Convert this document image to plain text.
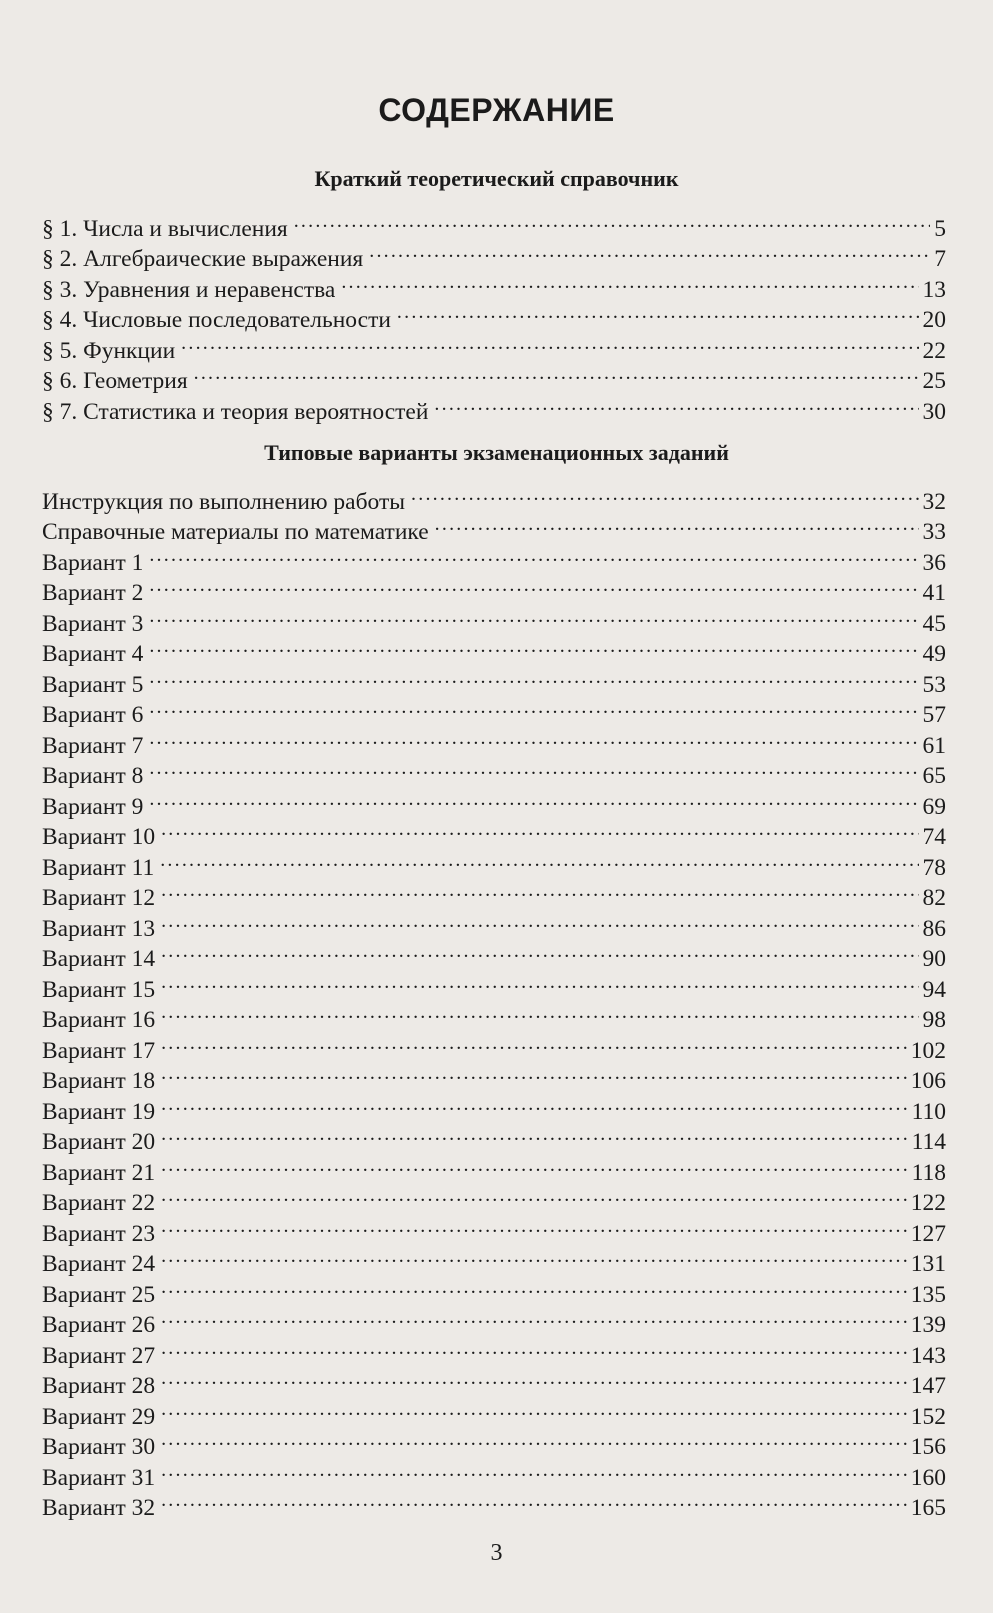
СОДЕРЖАНИЕ
Краткий теоретический справочник
§ 1. Числа и вычисления .....	5
§ 2. Алгебраические выражения .....	7
§ 3. Уравнения и неравенства .....	13
§ 4. Числовые последовательности .....	20
§ 5. Функции .....	22
§ 6. Геометрия .....	25
§ 7. Статистика и теория вероятностей .....	30
Типовые варианты экзаменационных заданий
Инструкция по выполнению работы .....	32
Справочные материалы по математике .....	33
Вариант 1 .....	36
Вариант 2 .....	41
Вариант 3 .....	45
Вариант 4 .....	49
Вариант 5 .....	53
Вариант 6 .....	57
Вариант 7 .....	61
Вариант 8 .....	65
Вариант 9 .....	69
Вариант 10 .....	74
Вариант 11 .....	78
Вариант 12 .....	82
Вариант 13 .....	86
Вариант 14 .....	90
Вариант 15 .....	94
Вариант 16 .....	98
Вариант 17 .....	102
Вариант 18 .....	106
Вариант 19 .....	110
Вариант 20 .....	114
Вариант 21 .....	118
Вариант 22 .....	122
Вариант 23 .....	127
Вариант 24 .....	131
Вариант 25 .....	135
Вариант 26 .....	139
Вариант 27 .....	143
Вариант 28 .....	147
Вариант 29 .....	152
Вариант 30 .....	156
Вариант 31 .....	160
Вариант 32 .....	165
3
